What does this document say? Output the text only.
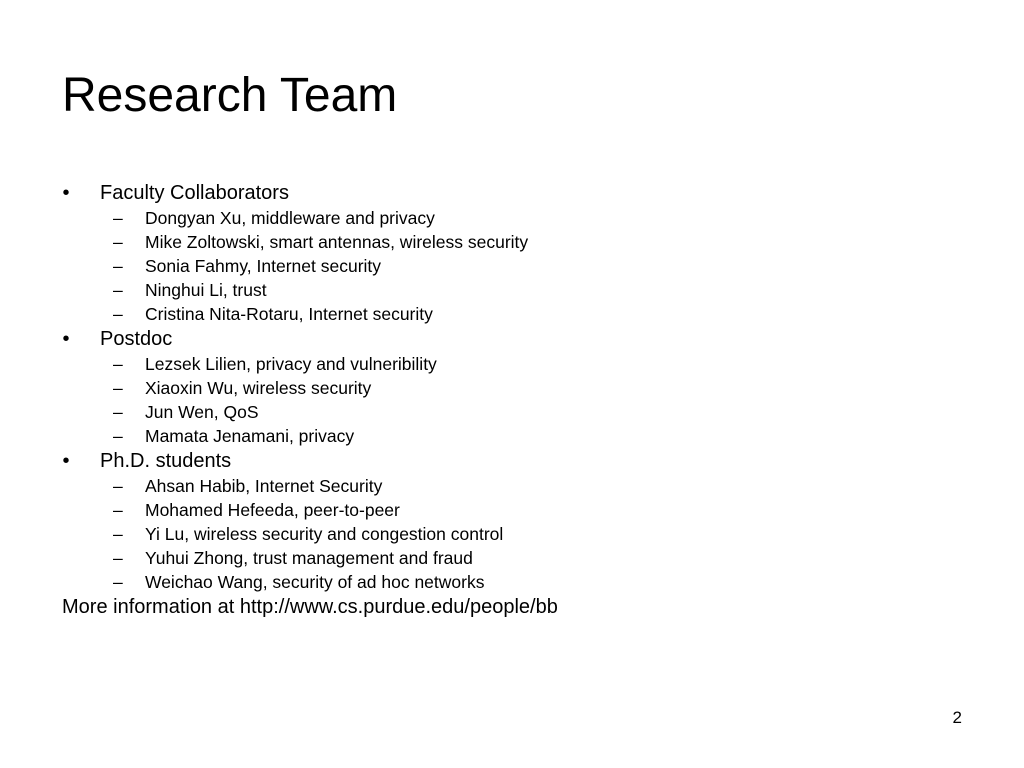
Research Team
• Faculty Collaborators
– Dongyan Xu, middleware and privacy
– Mike Zoltowski, smart antennas, wireless security
– Sonia Fahmy, Internet security
– Ninghui Li, trust
– Cristina Nita-Rotaru, Internet security
• Postdoc
– Lezsek Lilien, privacy and vulneribility
– Xiaoxin Wu, wireless security
– Jun Wen, QoS
– Mamata Jenamani, privacy
• Ph.D. students
– Ahsan Habib, Internet Security
– Mohamed Hefeeda, peer-to-peer
– Yi Lu, wireless security and congestion control
– Yuhui Zhong, trust management and fraud
– Weichao Wang, security of ad hoc networks
More information at http://www.cs.purdue.edu/people/bb
2
